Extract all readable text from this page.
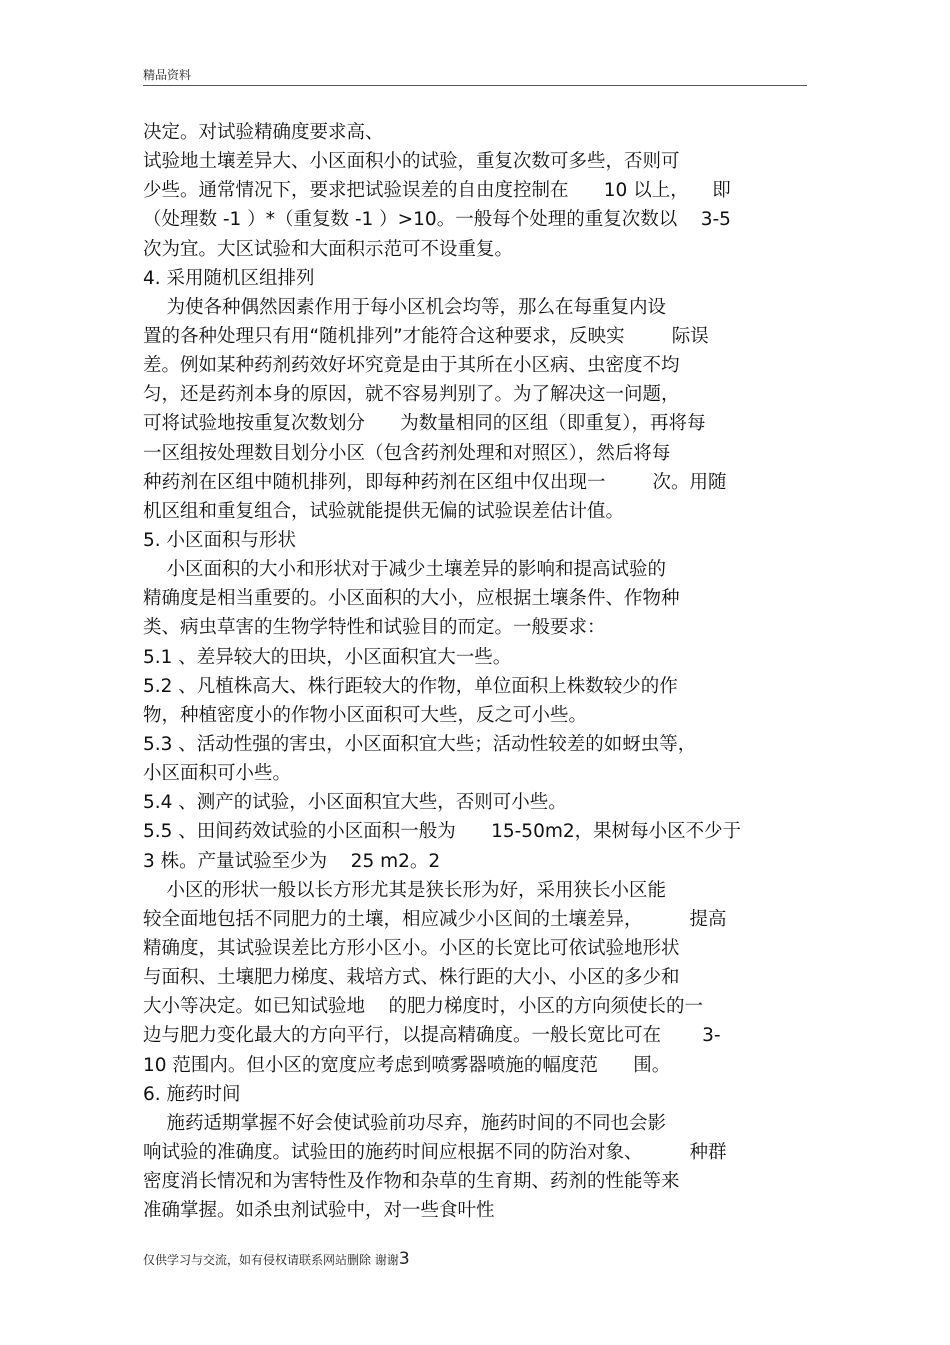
精品资料
决定。对试验精确度要求高、
试验地土壤差异大、小区面积小的试验，重复次数可多些，否则可
少些。通常情况下，要求把试验误差的自由度控制在      10 以上，    即
（处理数 -1 ）*（重复数 -1 ）>10。一般每个处理的重复次数以    3-5
次为宜。大区试验和大面积示范可不设重复。
4. 采用随机区组排列
为使各种偶然因素作用于每小区机会均等，那么在每重复内设
置的各种处理只有用“随机排列”才能符合这种要求，反映实        际误
差。例如某种药剂药效好坏究竟是由于其所在小区病、虫密度不均
匀，还是药剂本身的原因，就不容易判别了。为了解决这一问题，
可将试验地按重复次数划分      为数量相同的区组（即重复），再将每
一区组按处理数目划分小区（包含药剂处理和对照区），然后将每
种药剂在区组中随机排列，即每种药剂在区组中仅出现一        次。用随
机区组和重复组合，试验就能提供无偏的试验误差估计值。
5. 小区面积与形状
小区面积的大小和形状对于减少土壤差异的影响和提高试验的
精确度是相当重要的。小区面积的大小，应根据土壤条件、作物种
类、病虫草害的生物学特性和试验目的而定。一般要求：
5.1 、差异较大的田块，小区面积宜大一些。
5.2 、凡植株高大、株行距较大的作物，单位面积上株数较少的作
物，种植密度小的作物小区面积可大些，反之可小些。
5.3 、活动性强的害虫，小区面积宜大些；活动性较差的如蚜虫等，
小区面积可小些。
5.4 、测产的试验，小区面积宜大些，否则可小些。
5.5 、田间药效试验的小区面积一般为      15-50m2，果树每小区不少于
3 株。产量试验至少为    25 m2。2
小区的形状一般以长方形尤其是狭长形为好，采用狭长小区能
较全面地包括不同肥力的土壤，相应减少小区间的土壤差异，        提高
精确度，其试验误差比方形小区小。小区的长宽比可依试验地形状
与面积、土壤肥力梯度、栽培方式、株行距的大小、小区的多少和
大小等决定。如已知试验地    的肥力梯度时，小区的方向须使长的一
边与肥力变化最大的方向平行，以提高精确度。一般长宽比可在       3-
10 范围内。但小区的宽度应考虑到喷雾器喷施的幅度范      围。
6. 施药时间
施药适期掌握不好会使试验前功尽弃，施药时间的不同也会影
响试验的准确度。试验田的施药时间应根据不同的防治对象、        种群
密度消长情况和为害特性及作物和杂草的生育期、药剂的性能等来
准确掌握。如杀虫剂试验中，对一些食叶性
仅供学习与交流，如有侵权请联系网站删除 谢谢3
